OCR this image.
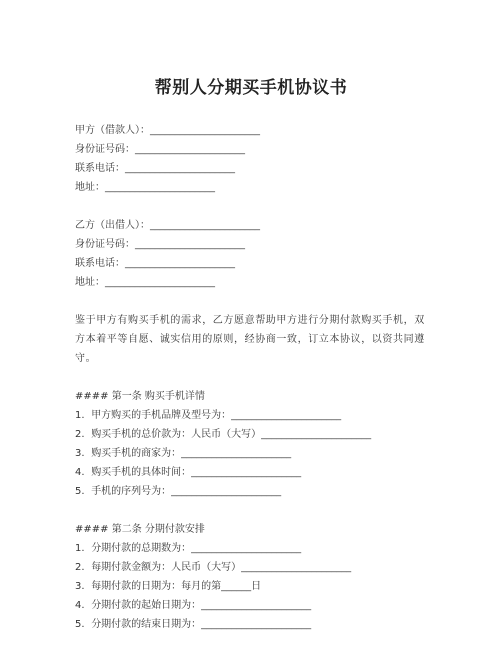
帮别人分期买手机协议书
甲方（借款人）：______________________
身份证号码：______________________
联系电话：______________________
地址：______________________
乙方（出借人）：______________________
身份证号码：______________________
联系电话：______________________
地址：______________________
鉴于甲方有购买手机的需求，乙方愿意帮助甲方进行分期付款购买手机，双方本着平等自愿、诚实信用的原则，经协商一致，订立本协议，以资共同遵守。
#### 第一条 购买手机详情
1. 甲方购买的手机品牌及型号为：______________________
2. 购买手机的总价款为：人民币（大写）______________________
3. 购买手机的商家为：______________________
4. 购买手机的具体时间：______________________
5. 手机的序列号为：______________________
#### 第二条 分期付款安排
1. 分期付款的总期数为：______________________
2. 每期付款金额为：人民币（大写）______________________
3. 每期付款的日期为：每月的第______日
4. 分期付款的起始日期为：______________________
5. 分期付款的结束日期为：______________________
